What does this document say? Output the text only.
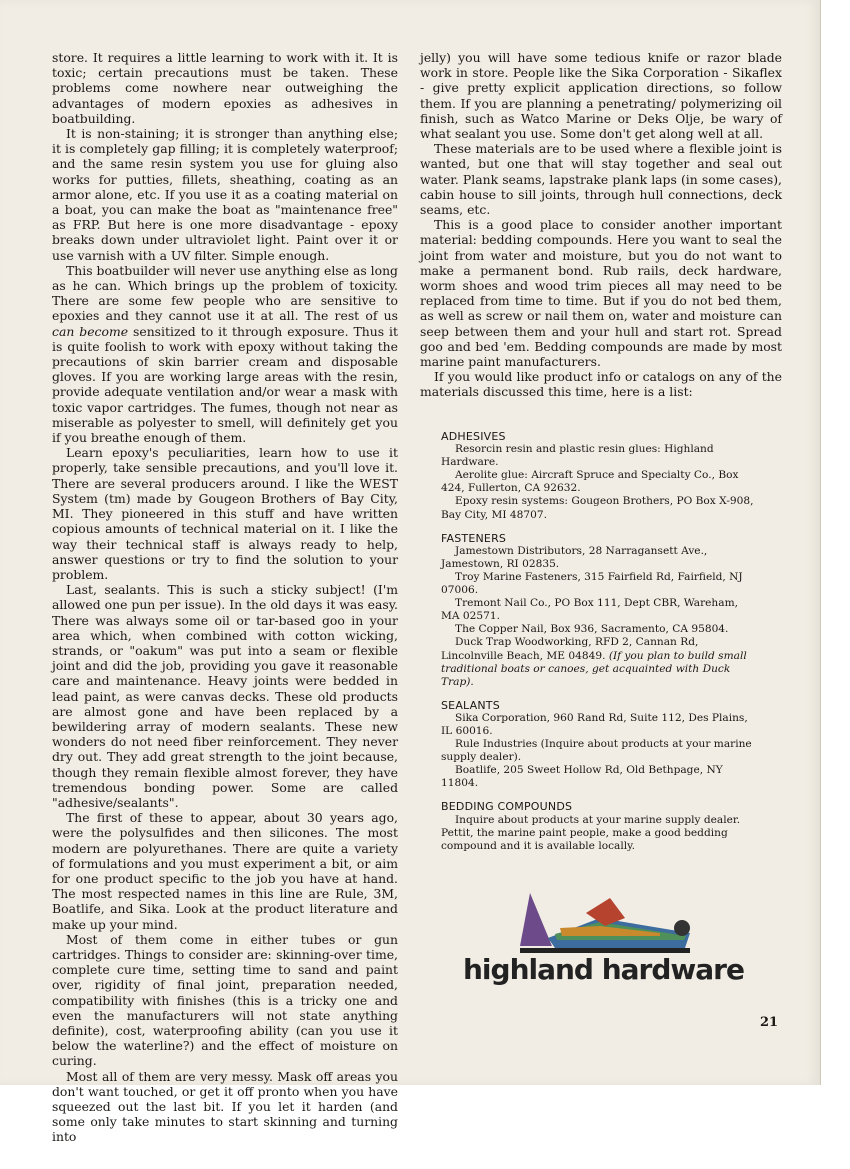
store. It requires a little learning to work with it. It is toxic; certain precautions must be taken. These problems come nowhere near outweighing the advantages of modern epoxies as adhesives in boatbuilding.

It is non-staining; it is stronger than anything else; it is completely gap filling; it is completely waterproof; and the same resin system you use for gluing also works for putties, fillets, sheathing, coating as an armor alone, etc. If you use it as a coating material on a boat, you can make the boat as "maintenance free" as FRP. But here is one more disadvantage - epoxy breaks down under ultraviolet light. Paint over it or use varnish with a UV filter. Simple enough.

This boatbuilder will never use anything else as long as he can. Which brings up the problem of toxicity. There are some few people who are sensitive to epoxies and they cannot use it at all. The rest of us can become sensitized to it through exposure. Thus it is quite foolish to work with epoxy without taking the precautions of skin barrier cream and disposable gloves. If you are working large areas with the resin, provide adequate ventilation and/or wear a mask with toxic vapor cartridges. The fumes, though not near as miserable as polyester to smell, will definitely get you if you breathe enough of them.

Learn epoxy's peculiarities, learn how to use it properly, take sensible precautions, and you'll love it. There are several producers around. I like the WEST System (tm) made by Gougeon Brothers of Bay City, MI. They pioneered in this stuff and have written copious amounts of technical material on it. I like the way their technical staff is always ready to help, answer questions or try to find the solution to your problem.

Last, sealants. This is such a sticky subject! (I'm allowed one pun per issue). In the old days it was easy. There was always some oil or tar-based goo in your area which, when combined with cotton wicking, strands, or "oakum" was put into a seam or flexible joint and did the job, providing you gave it reasonable care and maintenance. Heavy joints were bedded in lead paint, as were canvas decks. These old products are almost gone and have been replaced by a bewildering array of modern sealants. These new wonders do not need fiber reinforcement. They never dry out. They add great strength to the joint because, though they remain flexible almost forever, they have tremendous bonding power. Some are called "adhesive/sealants".

The first of these to appear, about 30 years ago, were the polysulfides and then silicones. The most modern are polyurethanes. There are quite a variety of formulations and you must experiment a bit, or aim for one product specific to the job you have at hand. The most respected names in this line are Rule, 3M, Boatlife, and Sika. Look at the product literature and make up your mind.

Most of them come in either tubes or gun cartridges. Things to consider are: skinning-over time, complete cure time, setting time to sand and paint over, rigidity of final joint, preparation needed, compatibility with finishes (this is a tricky one and even the manufacturers will not state anything definite), cost, waterproofing ability (can you use it below the waterline?) and the effect of moisture on curing.

Most all of them are very messy. Mask off areas you don't want touched, or get it off pronto when you have squeezed out the last bit. If you let it harden (and some only take minutes to start skinning and turning into

jelly) you will have some tedious knife or razor blade work in store. People like the Sika Corporation - Sikaflex - give pretty explicit application directions, so follow them. If you are planning a penetrating/ polymerizing oil finish, such as Watco Marine or Deks Olje, be wary of what sealant you use. Some don't get along well at all.

These materials are to be used where a flexible joint is wanted, but one that will stay together and seal out water. Plank seams, lapstrake plank laps (in some cases), cabin house to sill joints, through hull connections, deck seams, etc.

This is a good place to consider another important material: bedding compounds. Here you want to seal the joint from water and moisture, but you do not want to make a permanent bond. Rub rails, deck hardware, worm shoes and wood trim pieces all may need to be replaced from time to time. But if you do not bed them, as well as screw or nail them on, water and moisture can seep between them and your hull and start rot. Spread goo and bed 'em. Bedding compounds are made by most marine paint manufacturers.

If you would like product info or catalogs on any of the materials discussed this time, here is a list:

ADHESIVES

Resorcin resin and plastic resin glues: Highland Hardware.

Aerolite glue: Aircraft Spruce and Specialty Co., Box 424, Fullerton, CA 92632.

Epoxy resin systems: Gougeon Brothers, PO Box X-908, Bay City, MI 48707.

FASTENERS

Jamestown Distributors, 28 Narragansett Ave., Jamestown, RI 02835.

Troy Marine Fasteners, 315 Fairfield Rd, Fairfield, NJ 07006.

Tremont Nail Co., PO Box 111, Dept CBR, Wareham, MA 02571.

The Copper Nail, Box 936, Sacramento, CA 95804.

Duck Trap Woodworking, RFD 2, Cannan Rd, Lincolnville Beach, ME 04849. (If you plan to build small traditional boats or canoes, get acquainted with Duck Trap).

SEALANTS

Sika Corporation, 960 Rand Rd, Suite 112, Des Plains, IL 60016.

Rule Industries (Inquire about products at your marine supply dealer).

Boatlife, 205 Sweet Hollow Rd, Old Bethpage, NY 11804.

BEDDING COMPOUNDS

Inquire about products at your marine supply dealer. Pettit, the marine paint people, make a good bedding compound and it is available locally.

highland hardware
21
